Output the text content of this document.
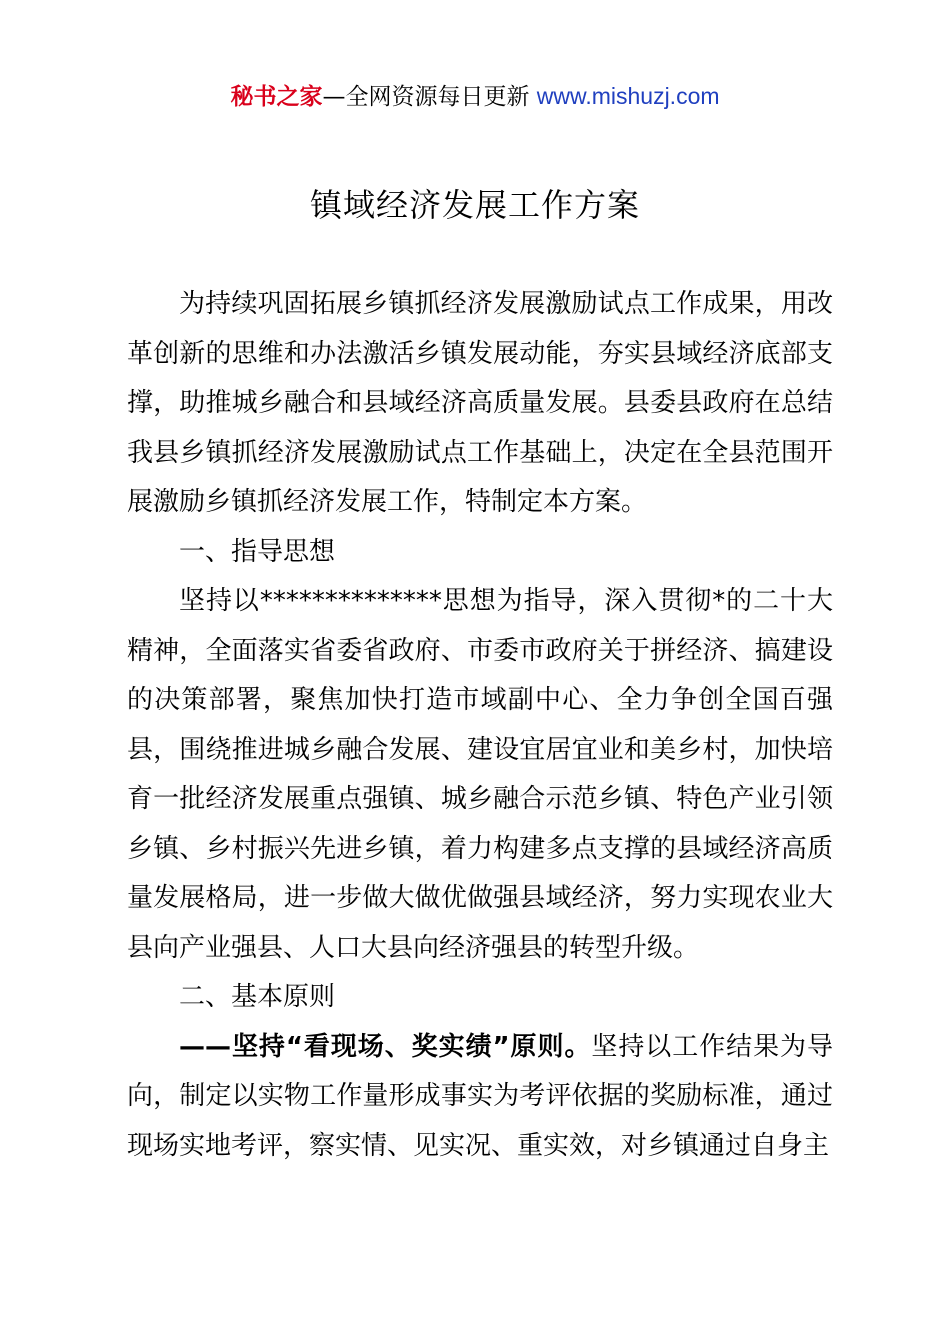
秘书之家—全网资源每日更新 www.mishuzj.com
镇域经济发展工作方案

为持续巩固拓展乡镇抓经济发展激励试点工作成果，用改革创新的思维和办法激活乡镇发展动能，夯实县域经济底部支撑，助推城乡融合和县域经济高质量发展。县委县政府在总结我县乡镇抓经济发展激励试点工作基础上，决定在全县范围开展激励乡镇抓经济发展工作，特制定本方案。

一、指导思想

坚持以**************思想为指导，深入贯彻*的二十大精神，全面落实省委省政府、市委市政府关于拼经济、搞建设的决策部署，聚焦加快打造市域副中心、全力争创全国百强县，围绕推进城乡融合发展、建设宜居宜业和美乡村，加快培育一批经济发展重点强镇、城乡融合示范乡镇、特色产业引领乡镇、乡村振兴先进乡镇，着力构建多点支撑的县域经济高质量发展格局，进一步做大做优做强县域经济，努力实现农业大县向产业强县、人口大县向经济强县的转型升级。

二、基本原则

——坚持“看现场、奖实绩”原则。坚持以工作结果为导向，制定以实物工作量形成事实为考评依据的奖励标准，通过现场实地考评，察实情、见实况、重实效，对乡镇通过自身主
